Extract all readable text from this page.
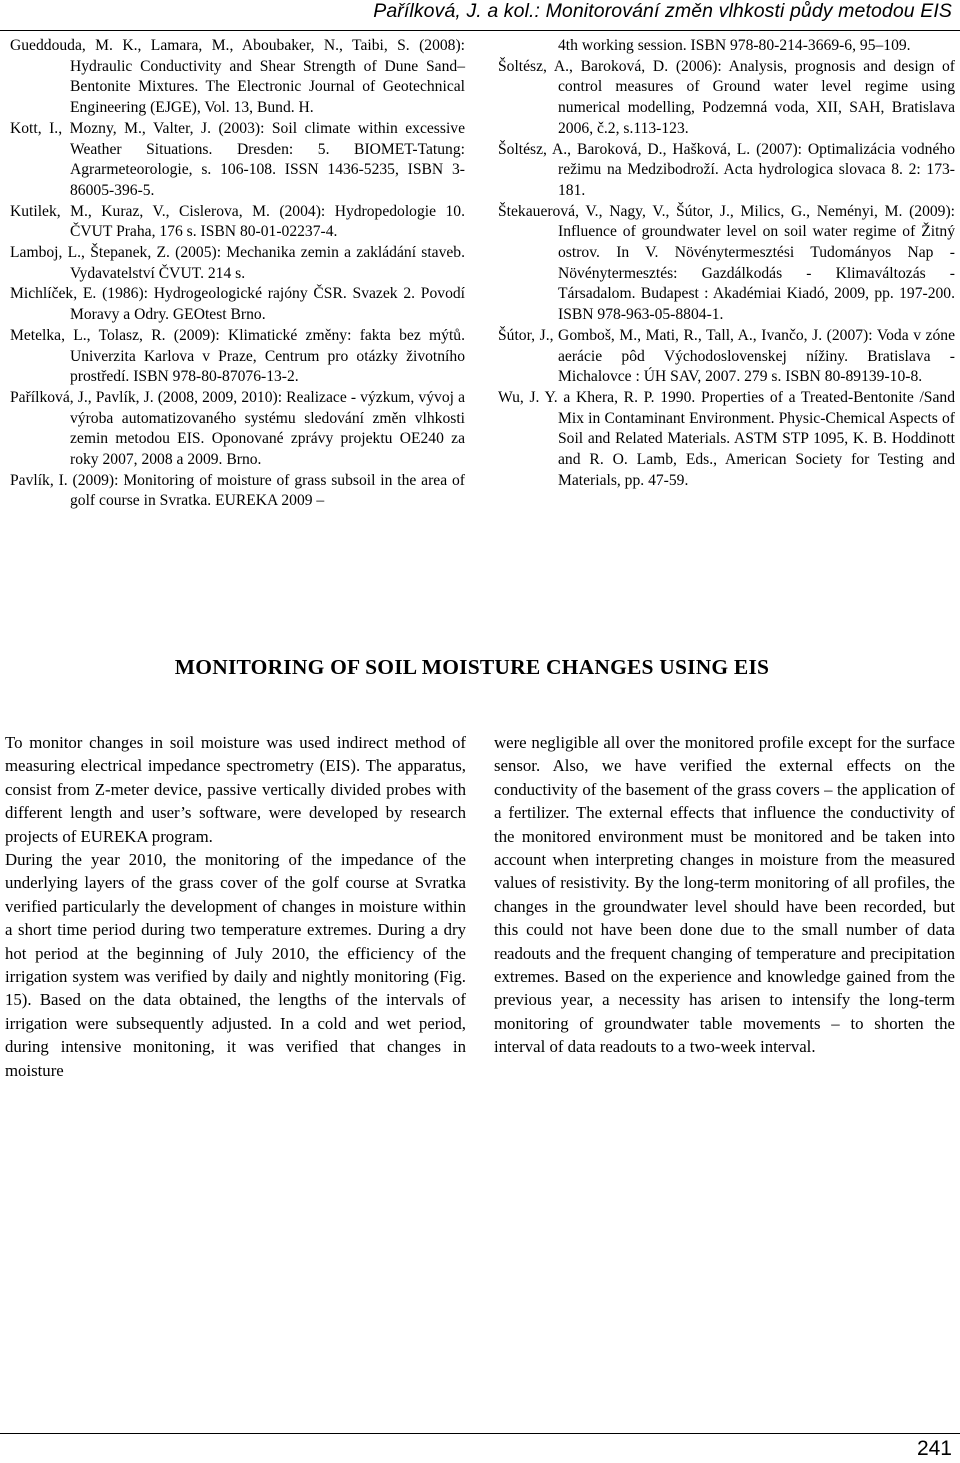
Pařílková, J. a kol.: Monitorování změn vlhkosti půdy metodou EIS

Gueddouda, M. K., Lamara, M., Aboubaker, N., Taibi, S. (2008): Hydraulic Conductivity and Shear Strength of Dune Sand–Bentonite Mixtures. The Electronic Journal of Geotechnical Engineering (EJGE), Vol. 13, Bund. H.

Kott, I., Mozny, M., Valter, J. (2003): Soil climate within excessive Weather Situations. Dresden: 5. BIOMET-Tatung: Agrarmeteorologie, s. 106-108. ISSN 1436-5235, ISBN 3-86005-396-5.

Kutilek, M., Kuraz, V., Cislerova, M. (2004): Hydropedologie 10. ČVUT Praha, 176 s. ISBN 80-01-02237-4.

Lamboj, L., Štepanek, Z. (2005): Mechanika zemin a zakládání staveb. Vydavatelství ČVUT. 214 s.

Michlíček, E. (1986): Hydrogeologické rajóny ČSR. Svazek 2. Povodí Moravy a Odry. GEOtest Brno.

Metelka, L., Tolasz, R. (2009): Klimatické změny: fakta bez mýtů. Univerzita Karlova v Praze, Centrum pro otázky životního prostředí. ISBN 978-80-87076-13-2.

Pařílková, J., Pavlík, J. (2008, 2009, 2010): Realizace - výzkum, vývoj a výroba automatizovaného systému sledování změn vlhkosti zemin metodou EIS. Oponované zprávy projektu OE240 za roky 2007, 2008 a 2009. Brno.

Pavlík, I. (2009): Monitoring of moisture of grass subsoil in the area of golf course in Svratka. EUREKA 2009 –

4th working session. ISBN 978-80-214-3669-6, 95–109.

Šoltész, A., Baroková, D. (2006): Analysis, prognosis and design of control measures of Ground water level regime using numerical modelling, Podzemná voda, XII, SAH, Bratislava 2006, č.2, s.113-123.

Šoltész, A., Baroková, D., Hašková, L. (2007): Optimalizácia vodného režimu na Medzibodroží. Acta hydrologica slovaca 8. 2: 173-181.

Štekauerová, V., Nagy, V., Šútor, J., Milics, G., Neményi, M. (2009): Influence of groundwater level on soil water regime of Žitný ostrov. In V. Növénytermesztési Tudományos Nap - Növénytermesztés: Gazdálkodás - Klimaváltozás - Társadalom. Budapest : Akadémiai Kiadó, 2009, pp. 197-200. ISBN 978-963-05-8804-1.

Šútor, J., Gomboš, M., Mati, R., Tall, A., Ivančo, J. (2007): Voda v zóne aerácie pôd Východoslovenskej nížiny. Bratislava - Michalovce : ÚH SAV, 2007. 279 s. ISBN 80-89139-10-8.

Wu, J. Y. a Khera, R. P. 1990. Properties of a Treated-Bentonite /Sand Mix in Contaminant Environment. Physic-Chemical Aspects of Soil and Related Materials. ASTM STP 1095, K. B. Hoddinott and R. O. Lamb, Eds., American Society for Testing and Materials, pp. 47-59.

MONITORING OF SOIL MOISTURE CHANGES USING EIS

To monitor changes in soil moisture was used indirect method of measuring electrical impedance spectrometry (EIS). The apparatus, consist from Z-meter device, passive vertically divided probes with different length and user’s software, were developed by research projects of EUREKA program.

During the year 2010, the monitoring of the impedance of the underlying layers of the grass cover of the golf course at Svratka verified particularly the development of changes in moisture within a short time period during two temperature extremes. During a dry hot period at the beginning of July 2010, the efficiency of the irrigation system was verified by daily and nightly monitoring (Fig. 15). Based on the data obtained, the lengths of the intervals of irrigation were subsequently adjusted. In a cold and wet period, during intensive monitoning, it was verified that changes in moisture

were negligible all over the monitored profile except for the surface sensor. Also, we have verified the external effects on the conductivity of the basement of the grass covers – the application of a fertilizer. The external effects that influence the conductivity of the monitored environment must be monitored and be taken into account when interpreting changes in moisture from the measured values of resistivity. By the long-term monitoring of all profiles, the changes in the groundwater level should have been recorded, but this could not have been done due to the small number of data readouts and the frequent changing of temperature and precipitation extremes. Based on the experience and knowledge gained from the previous year, a necessity has arisen to intensify the long-term monitoring of groundwater table movements – to shorten the interval of data readouts to a two-week interval.

241
